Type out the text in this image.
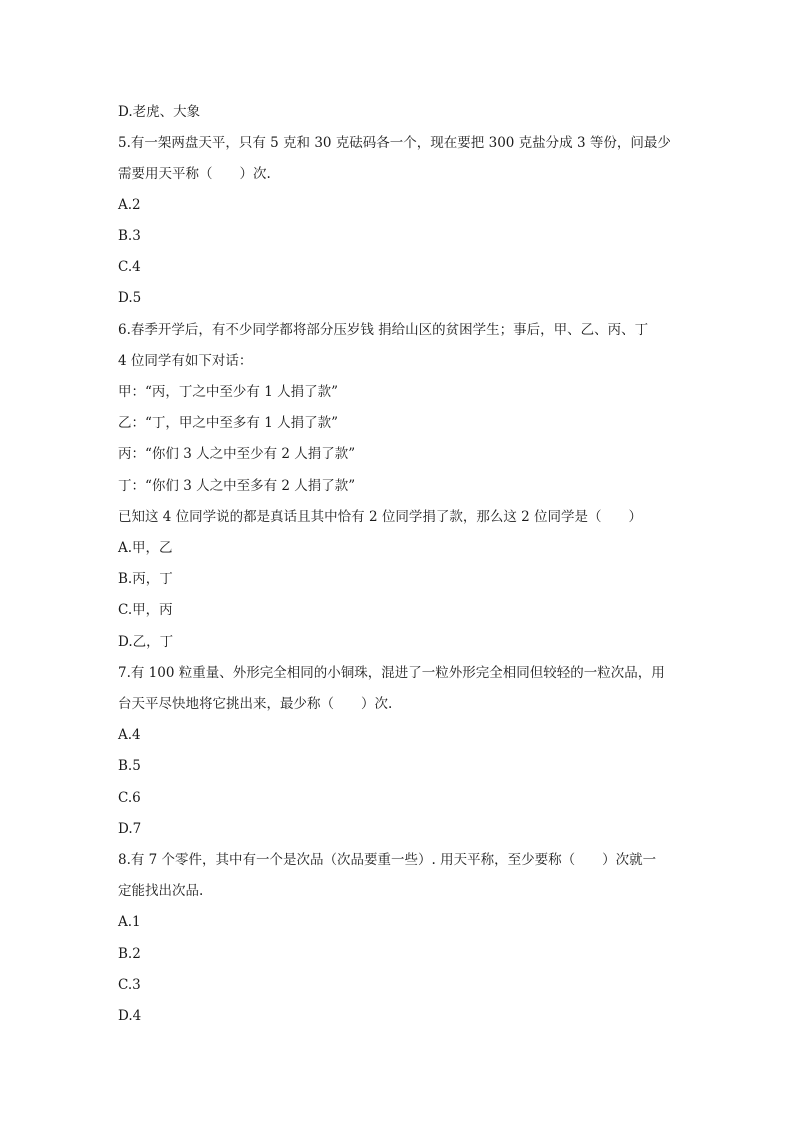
D.老虎、大象
5.有一架两盘天平，只有 5 克和 30 克砝码各一个，现在要把 300 克盐分成 3 等份，问最少
需要用天平称（　　）次.
A.2
B.3
C.4
D.5
6.春季开学后，有不少同学都将部分压岁钱 捐给山区的贫困学生；事后，甲、乙、丙、丁
4 位同学有如下对话：
甲：“丙，丁之中至少有 1 人捐了款”
乙：“丁，甲之中至多有 1 人捐了款”
丙：“你们 3 人之中至少有 2 人捐了款”
丁：“你们 3 人之中至多有 2 人捐了款”
已知这 4 位同学说的都是真话且其中恰有 2 位同学捐了款，那么这 2 位同学是（　　）
A.甲，乙
B.丙，丁
C.甲，丙
D.乙，丁
7.有 100 粒重量、外形完全相同的小铜珠，混进了一粒外形完全相同但较轻的一粒次品，用
台天平尽快地将它挑出来，最少称（　　）次.
A.4
B.5
C.6
D.7
8.有 7 个零件，其中有一个是次品（次品要重一些）. 用天平称，至少要称（　　）次就一
定能找出次品.
A.1
B.2
C.3
D.4
